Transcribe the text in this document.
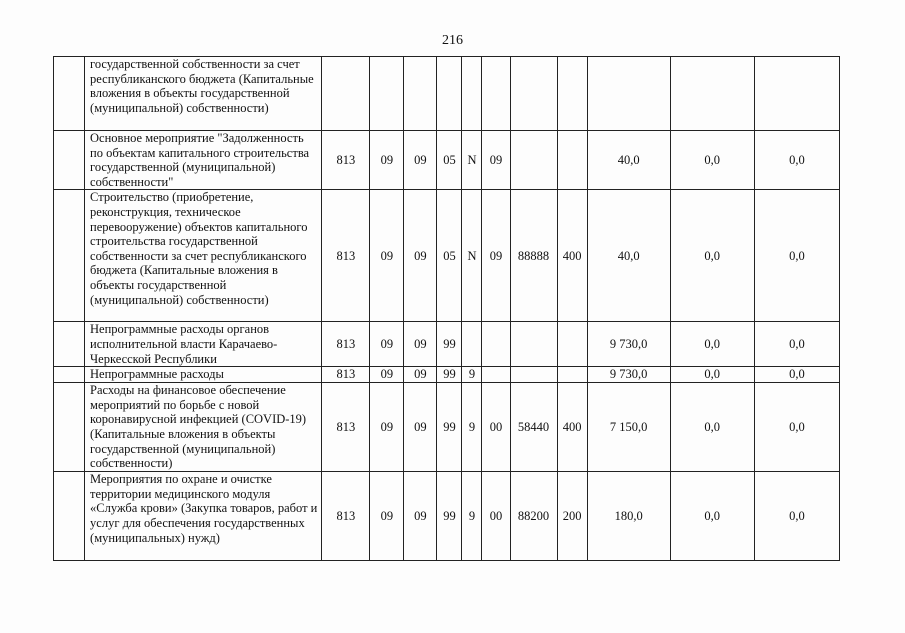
216
	государственной собственности за счет республиканского бюджета (Капитальные вложения в объекты государственной (муниципальной) собственности)											
	Основное мероприятие "Задолженность по объектам капитального строительства государственной (муниципальной) собственности"	813	09	09	05	N	09			40,0	0,0	0,0
	Строительство (приобретение, реконструкция, техническое перевооружение) объектов капитального строительства государственной собственности за счет республиканского бюджета (Капитальные вложения в объекты государственной (муниципальной) собственности)	813	09	09	05	N	09	88888	400	40,0	0,0	0,0
	Непрограммные расходы органов исполнительной власти Карачаево-Черкесской Республики	813	09	09	99					9 730,0	0,0	0,0
	Непрограммные расходы	813	09	09	99	9				9 730,0	0,0	0,0
	Расходы на финансовое обеспечение мероприятий по борьбе с новой коронавирусной инфекцией (COVID-19) (Капитальные вложения в объекты государственной (муниципальной) собственности)	813	09	09	99	9	00	58440	400	7 150,0	0,0	0,0
	Мероприятия по охране и очистке территории медицинского модуля «Служба крови» (Закупка товаров, работ и услуг для обеспечения государственных (муниципальных) нужд)	813	09	09	99	9	00	88200	200	180,0	0,0	0,0
